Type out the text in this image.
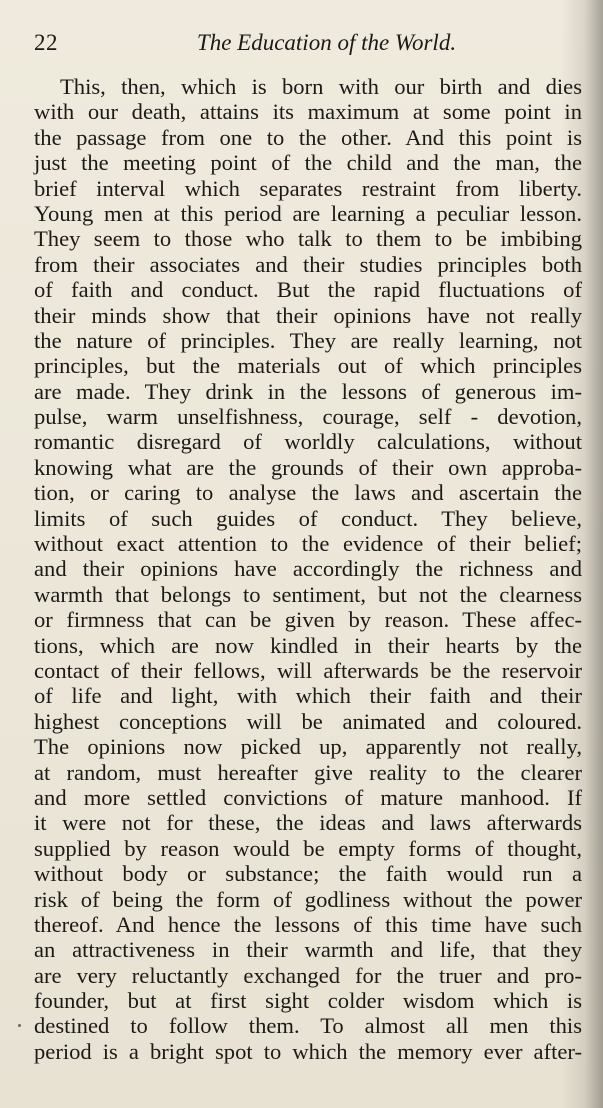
22	The Education of the World.
This, then, which is born with our birth and dies
with our death, attains its maximum at some point in
the passage from one to the other. And this point is
just the meeting point of the child and the man, the
brief interval which separates restraint from liberty.
Young men at this period are learning a peculiar lesson.
They seem to those who talk to them to be imbibing
from their associates and their studies principles both
of faith and conduct. But the rapid fluctuations of
their minds show that their opinions have not really
the nature of principles. They are really learning, not
principles, but the materials out of which principles
are made. They drink in the lessons of generous im-
pulse, warm unselfishness, courage, self - devotion,
romantic disregard of worldly calculations, without
knowing what are the grounds of their own approba-
tion, or caring to analyse the laws and ascertain the
limits of such guides of conduct. They believe,
without exact attention to the evidence of their belief;
and their opinions have accordingly the richness and
warmth that belongs to sentiment, but not the clearness
or firmness that can be given by reason. These affec-
tions, which are now kindled in their hearts by the
contact of their fellows, will afterwards be the reservoir
of life and light, with which their faith and their
highest conceptions will be animated and coloured.
The opinions now picked up, apparently not really,
at random, must hereafter give reality to the clearer
and more settled convictions of mature manhood. If
it were not for these, the ideas and laws afterwards
supplied by reason would be empty forms of thought,
without body or substance; the faith would run a
risk of being the form of godliness without the power
thereof. And hence the lessons of this time have such
an attractiveness in their warmth and life, that they
are very reluctantly exchanged for the truer and pro-
founder, but at first sight colder wisdom which is
destined to follow them. To almost all men this
period is a bright spot to which the memory ever after-
